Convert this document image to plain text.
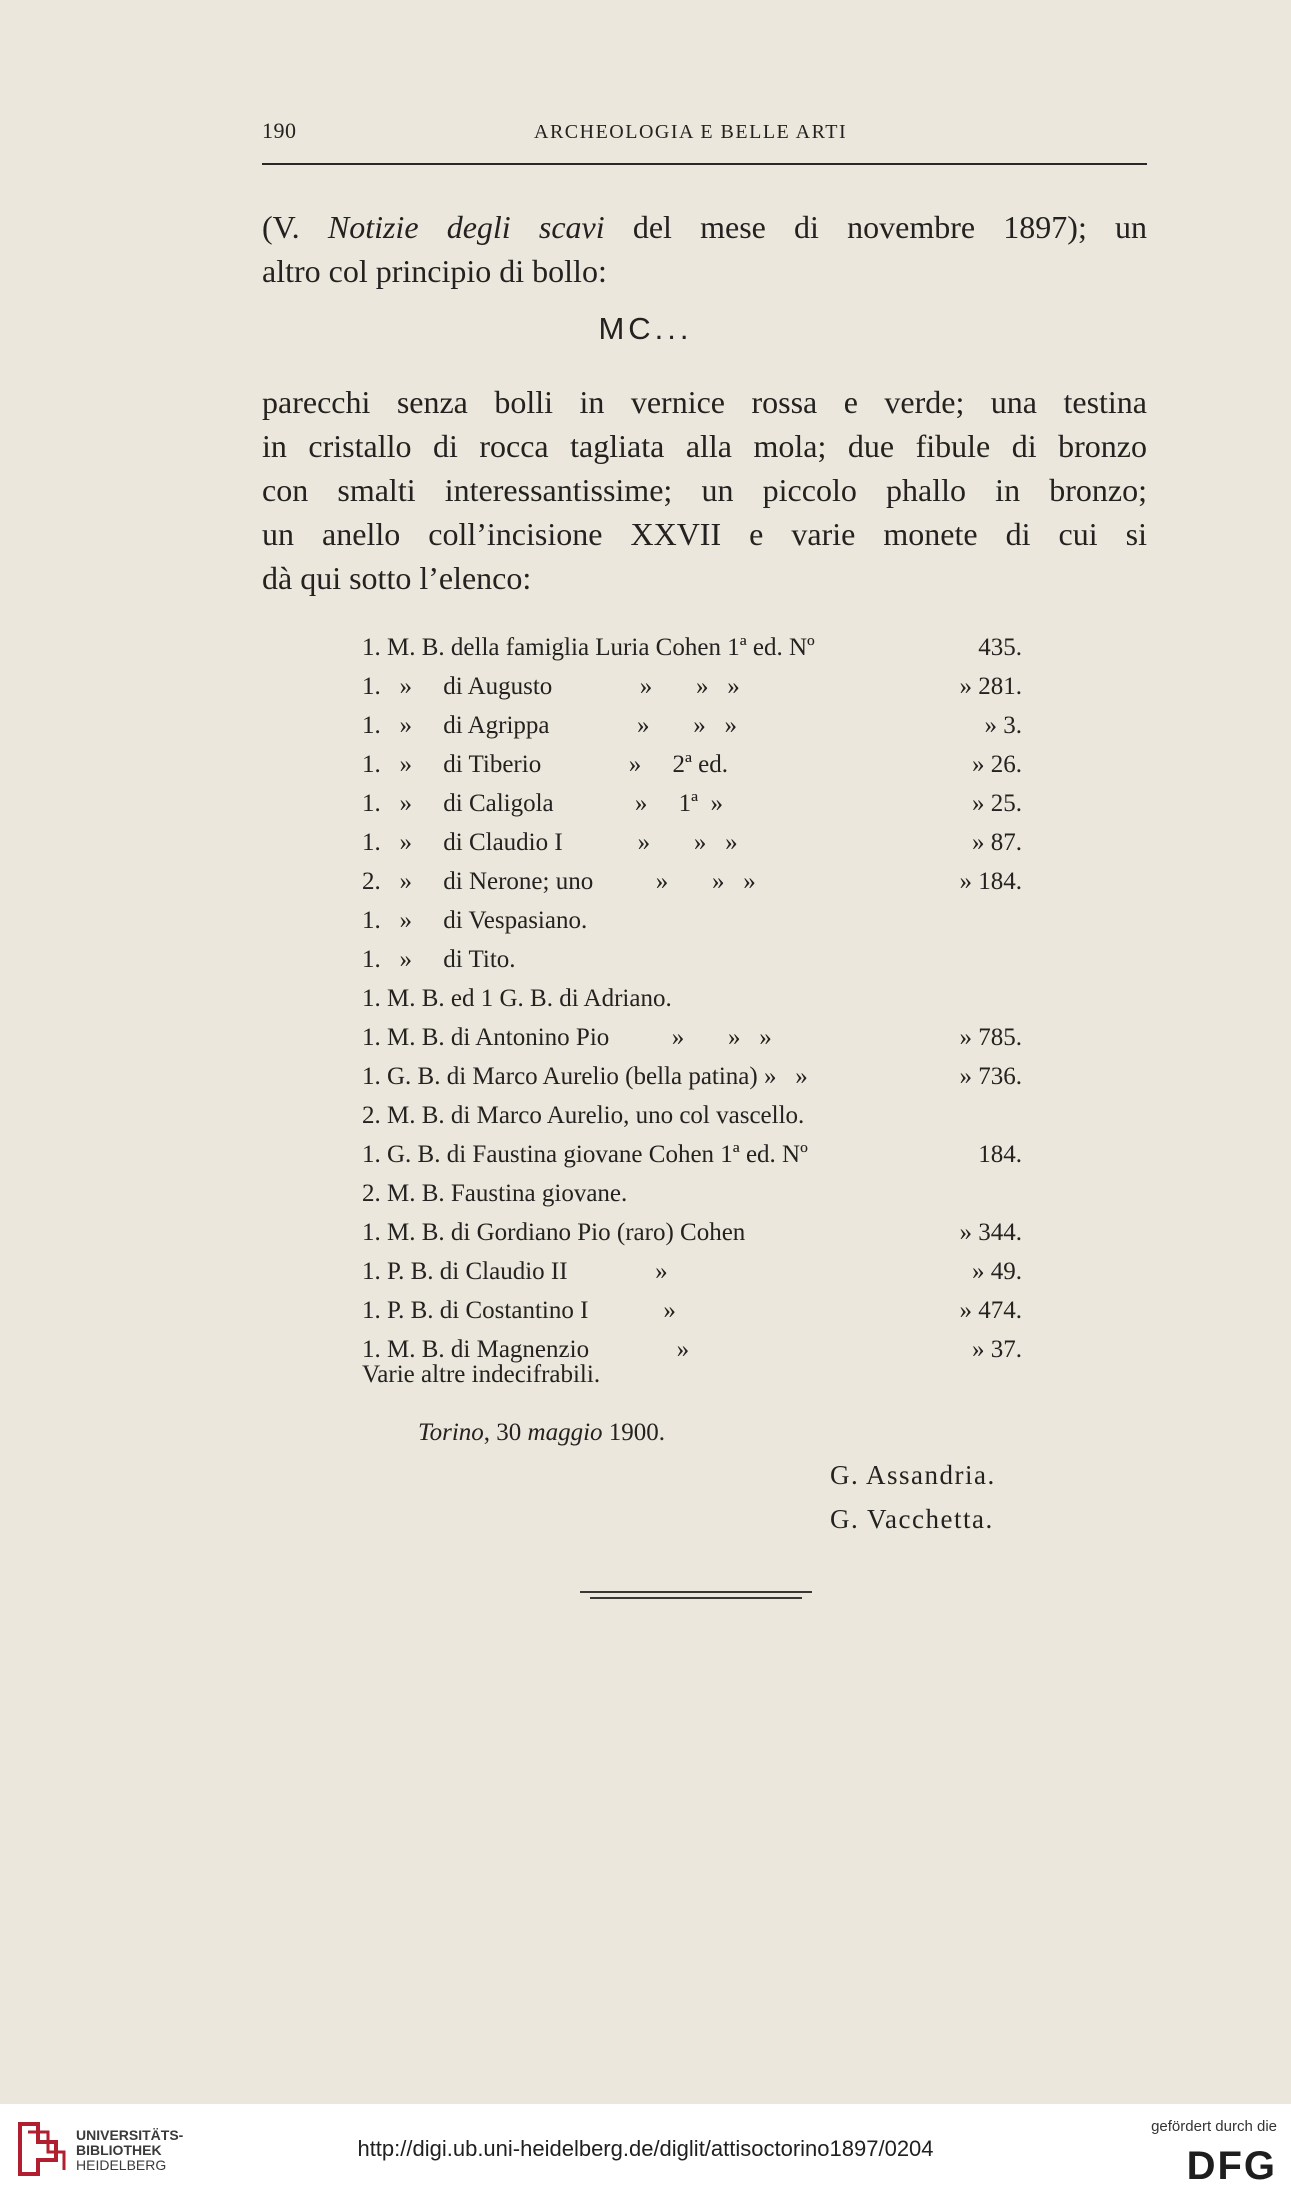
190	ARCHEOLOGIA E BELLE ARTI
(V. Notizie degli scavi del mese di novembre 1897); un
altro col principio di bollo:
MC...
parecchi senza bolli in vernice rossa e verde; una testina
in cristallo di rocca tagliata alla mola; due fibule di bronzo
con smalti interessantissime; un piccolo phallo in bronzo;
un anello coll’incisione XXVII e varie monete di cui si
dà qui sotto l’elenco:
1. M. B. della famiglia Luria Cohen 1ª ed. Nº	435.
1.   »     di Augusto              »       »   »	» 281.
1.   »     di Agrippa              »       »   »	» 3.
1.   »     di Tiberio              »     2ª ed.	» 26.
1.   »     di Caligola             »     1ª  »	» 25.
1.   »     di Claudio I            »       »   »	» 87.
2.   »     di Nerone; uno          »       »   »	» 184.
1.   »     di Vespasiano.
1.   »     di Tito.
1. M. B. ed 1 G. B. di Adriano.
1. M. B. di Antonino Pio          »       »   »	» 785.
1. G. B. di Marco Aurelio (bella patina) »   »	» 736.
2. M. B. di Marco Aurelio, uno col vascello.
1. G. B. di Faustina giovane Cohen 1ª ed. Nº	184.
2. M. B. Faustina giovane.
1. M. B. di Gordiano Pio (raro) Cohen	» 344.
1. P. B. di Claudio II              »	» 49.
1. P. B. di Costantino I            »	» 474.
1. M. B. di Magnenzio              »	» 37.
Varie altre indecifrabili.
Torino, 30 maggio 1900.
G. Assandria.
G. Vacchetta.
UNIVERSITÄTS-
BIBLIOTHEK
HEIDELBERG
http://digi.ub.uni-heidelberg.de/diglit/attisoctorino1897/0204
gefördert durch die
DFG
